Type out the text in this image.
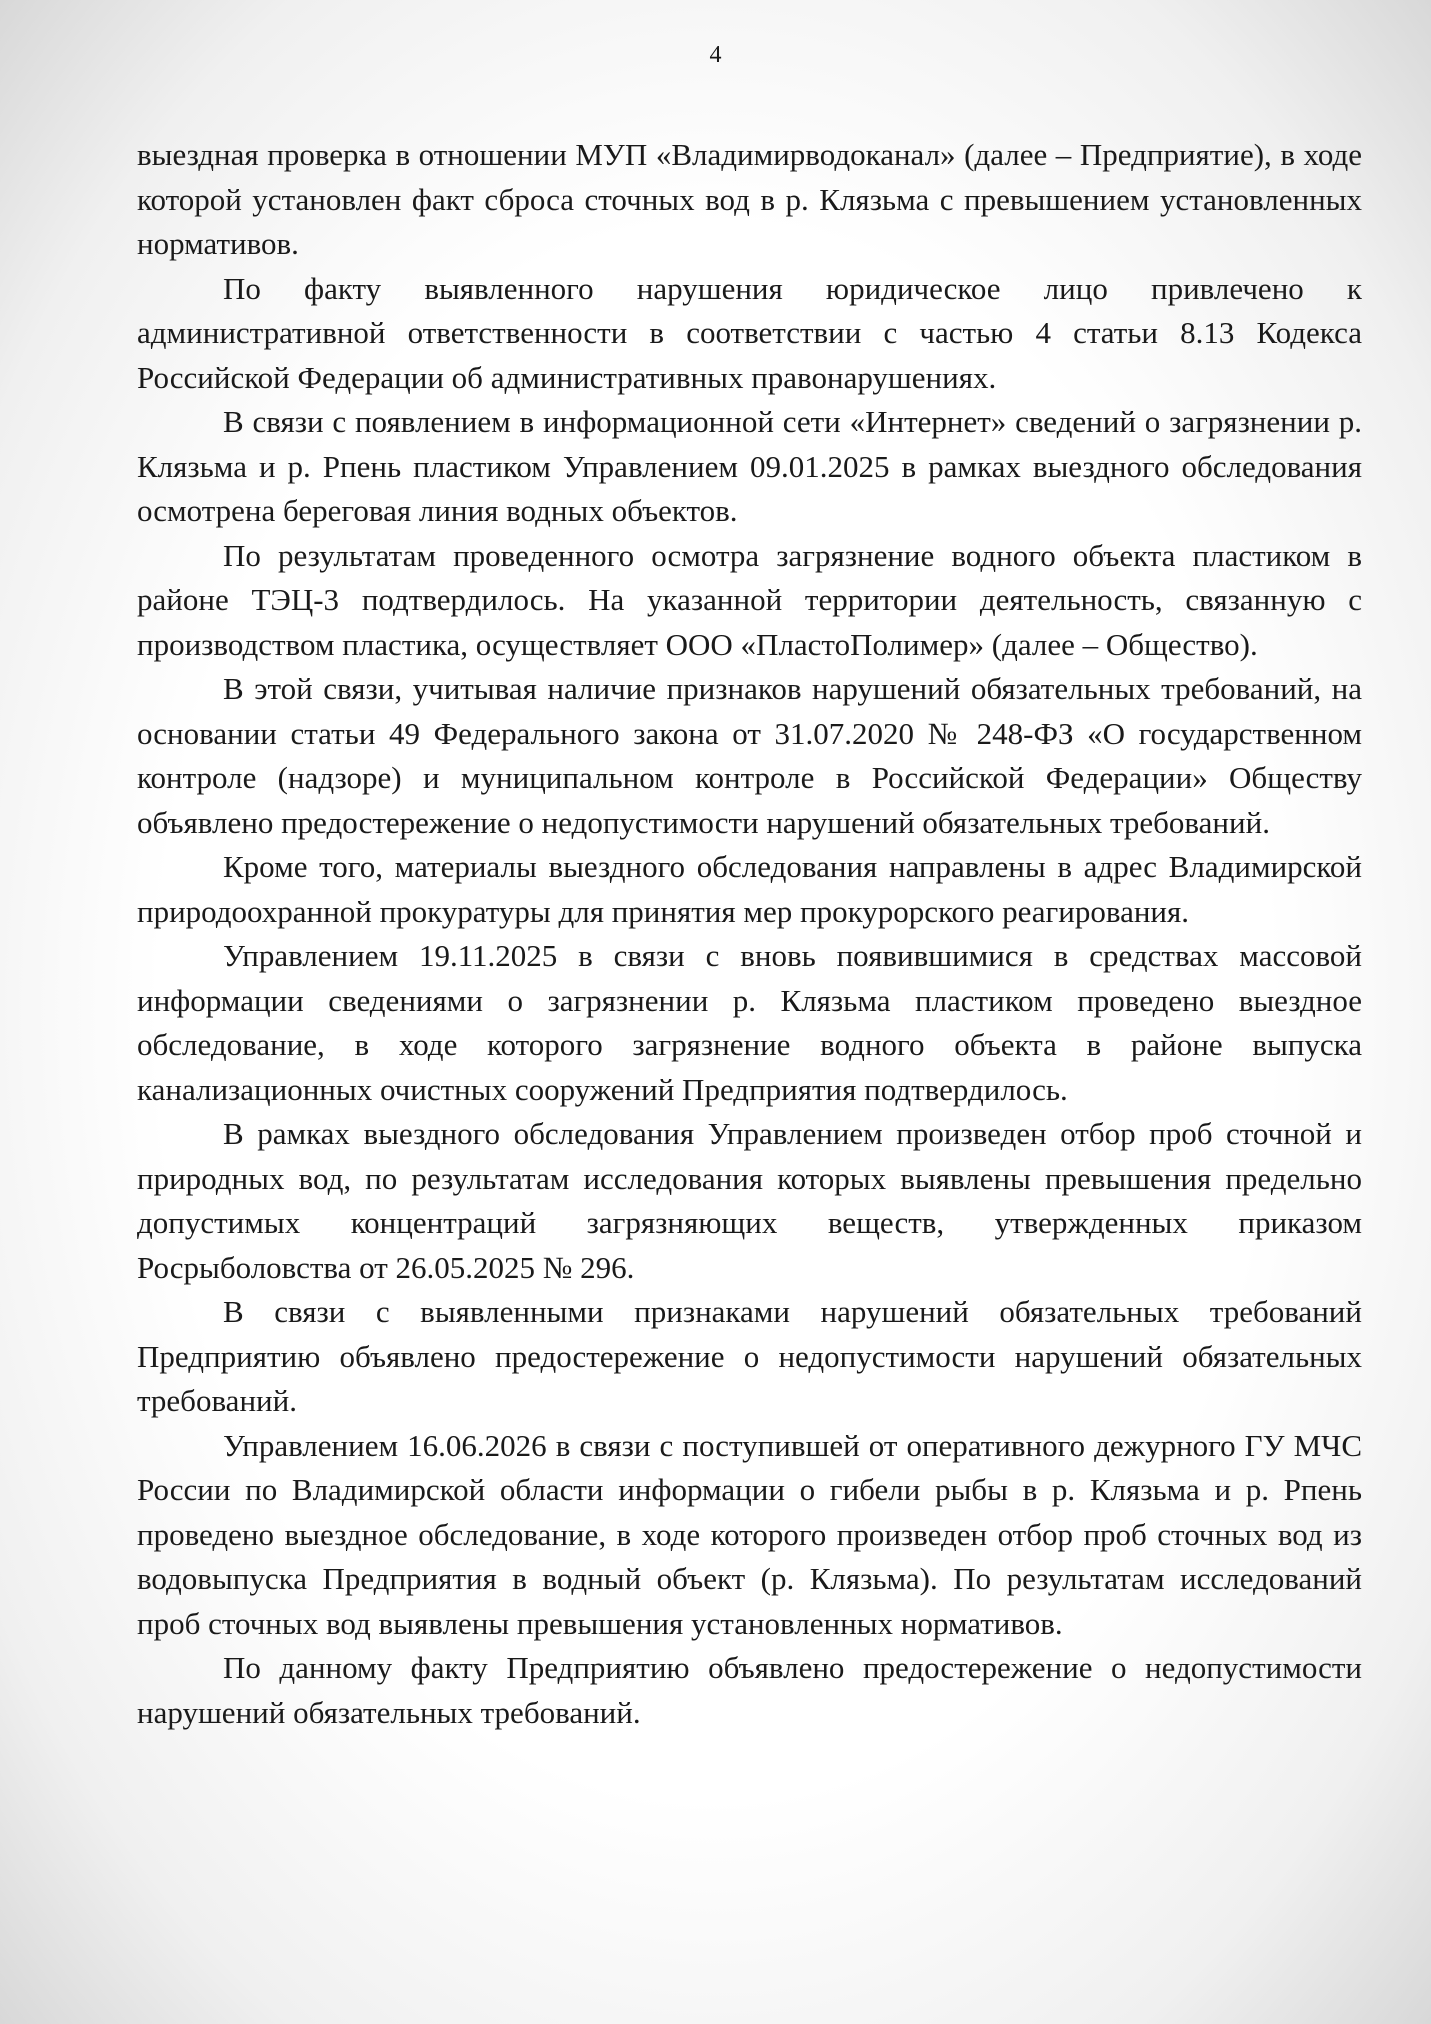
4

выездная проверка в отношении МУП «Владимирводоканал» (далее – Предприятие), в ходе которой установлен факт сброса сточных вод в р. Клязьма с превышением установленных нормативов.

По факту выявленного нарушения юридическое лицо привлечено к административной ответственности в соответствии с частью 4 статьи 8.13 Кодекса Российской Федерации об административных правонарушениях.

В связи с появлением в информационной сети «Интернет» сведений о загрязнении р. Клязьма и р. Рпень пластиком Управлением 09.01.2025 в рамках выездного обследования осмотрена береговая линия водных объектов.

По результатам проведенного осмотра загрязнение водного объекта пластиком в районе ТЭЦ-3 подтвердилось. На указанной территории деятельность, связанную с производством пластика, осуществляет ООО «ПластоПолимер» (далее – Общество).

В этой связи, учитывая наличие признаков нарушений обязательных требований, на основании статьи 49 Федерального закона от 31.07.2020 № 248-ФЗ «О государственном контроле (надзоре) и муниципальном контроле в Российской Федерации» Обществу объявлено предостережение о недопустимости нарушений обязательных требований.

Кроме того, материалы выездного обследования направлены в адрес Владимирской природоохранной прокуратуры для принятия мер прокурорского реагирования.

Управлением 19.11.2025 в связи с вновь появившимися в средствах массовой информации сведениями о загрязнении р. Клязьма пластиком проведено выездное обследование, в ходе которого загрязнение водного объекта в районе выпуска канализационных очистных сооружений Предприятия подтвердилось.

В рамках выездного обследования Управлением произведен отбор проб сточной и природных вод, по результатам исследования которых выявлены превышения предельно допустимых концентраций загрязняющих веществ, утвержденных приказом Росрыболовства от 26.05.2025 № 296.

В связи с выявленными признаками нарушений обязательных требований Предприятию объявлено предостережение о недопустимости нарушений обязательных требований.

Управлением 16.06.2026 в связи с поступившей от оперативного дежурного ГУ МЧС России по Владимирской области информации о гибели рыбы в р. Клязьма и р. Рпень проведено выездное обследование, в ходе которого произведен отбор проб сточных вод из водовыпуска Предприятия в водный объект (р. Клязьма). По результатам исследований проб сточных вод выявлены превышения установленных нормативов.

По данному факту Предприятию объявлено предостережение о недопустимости нарушений обязательных требований.
